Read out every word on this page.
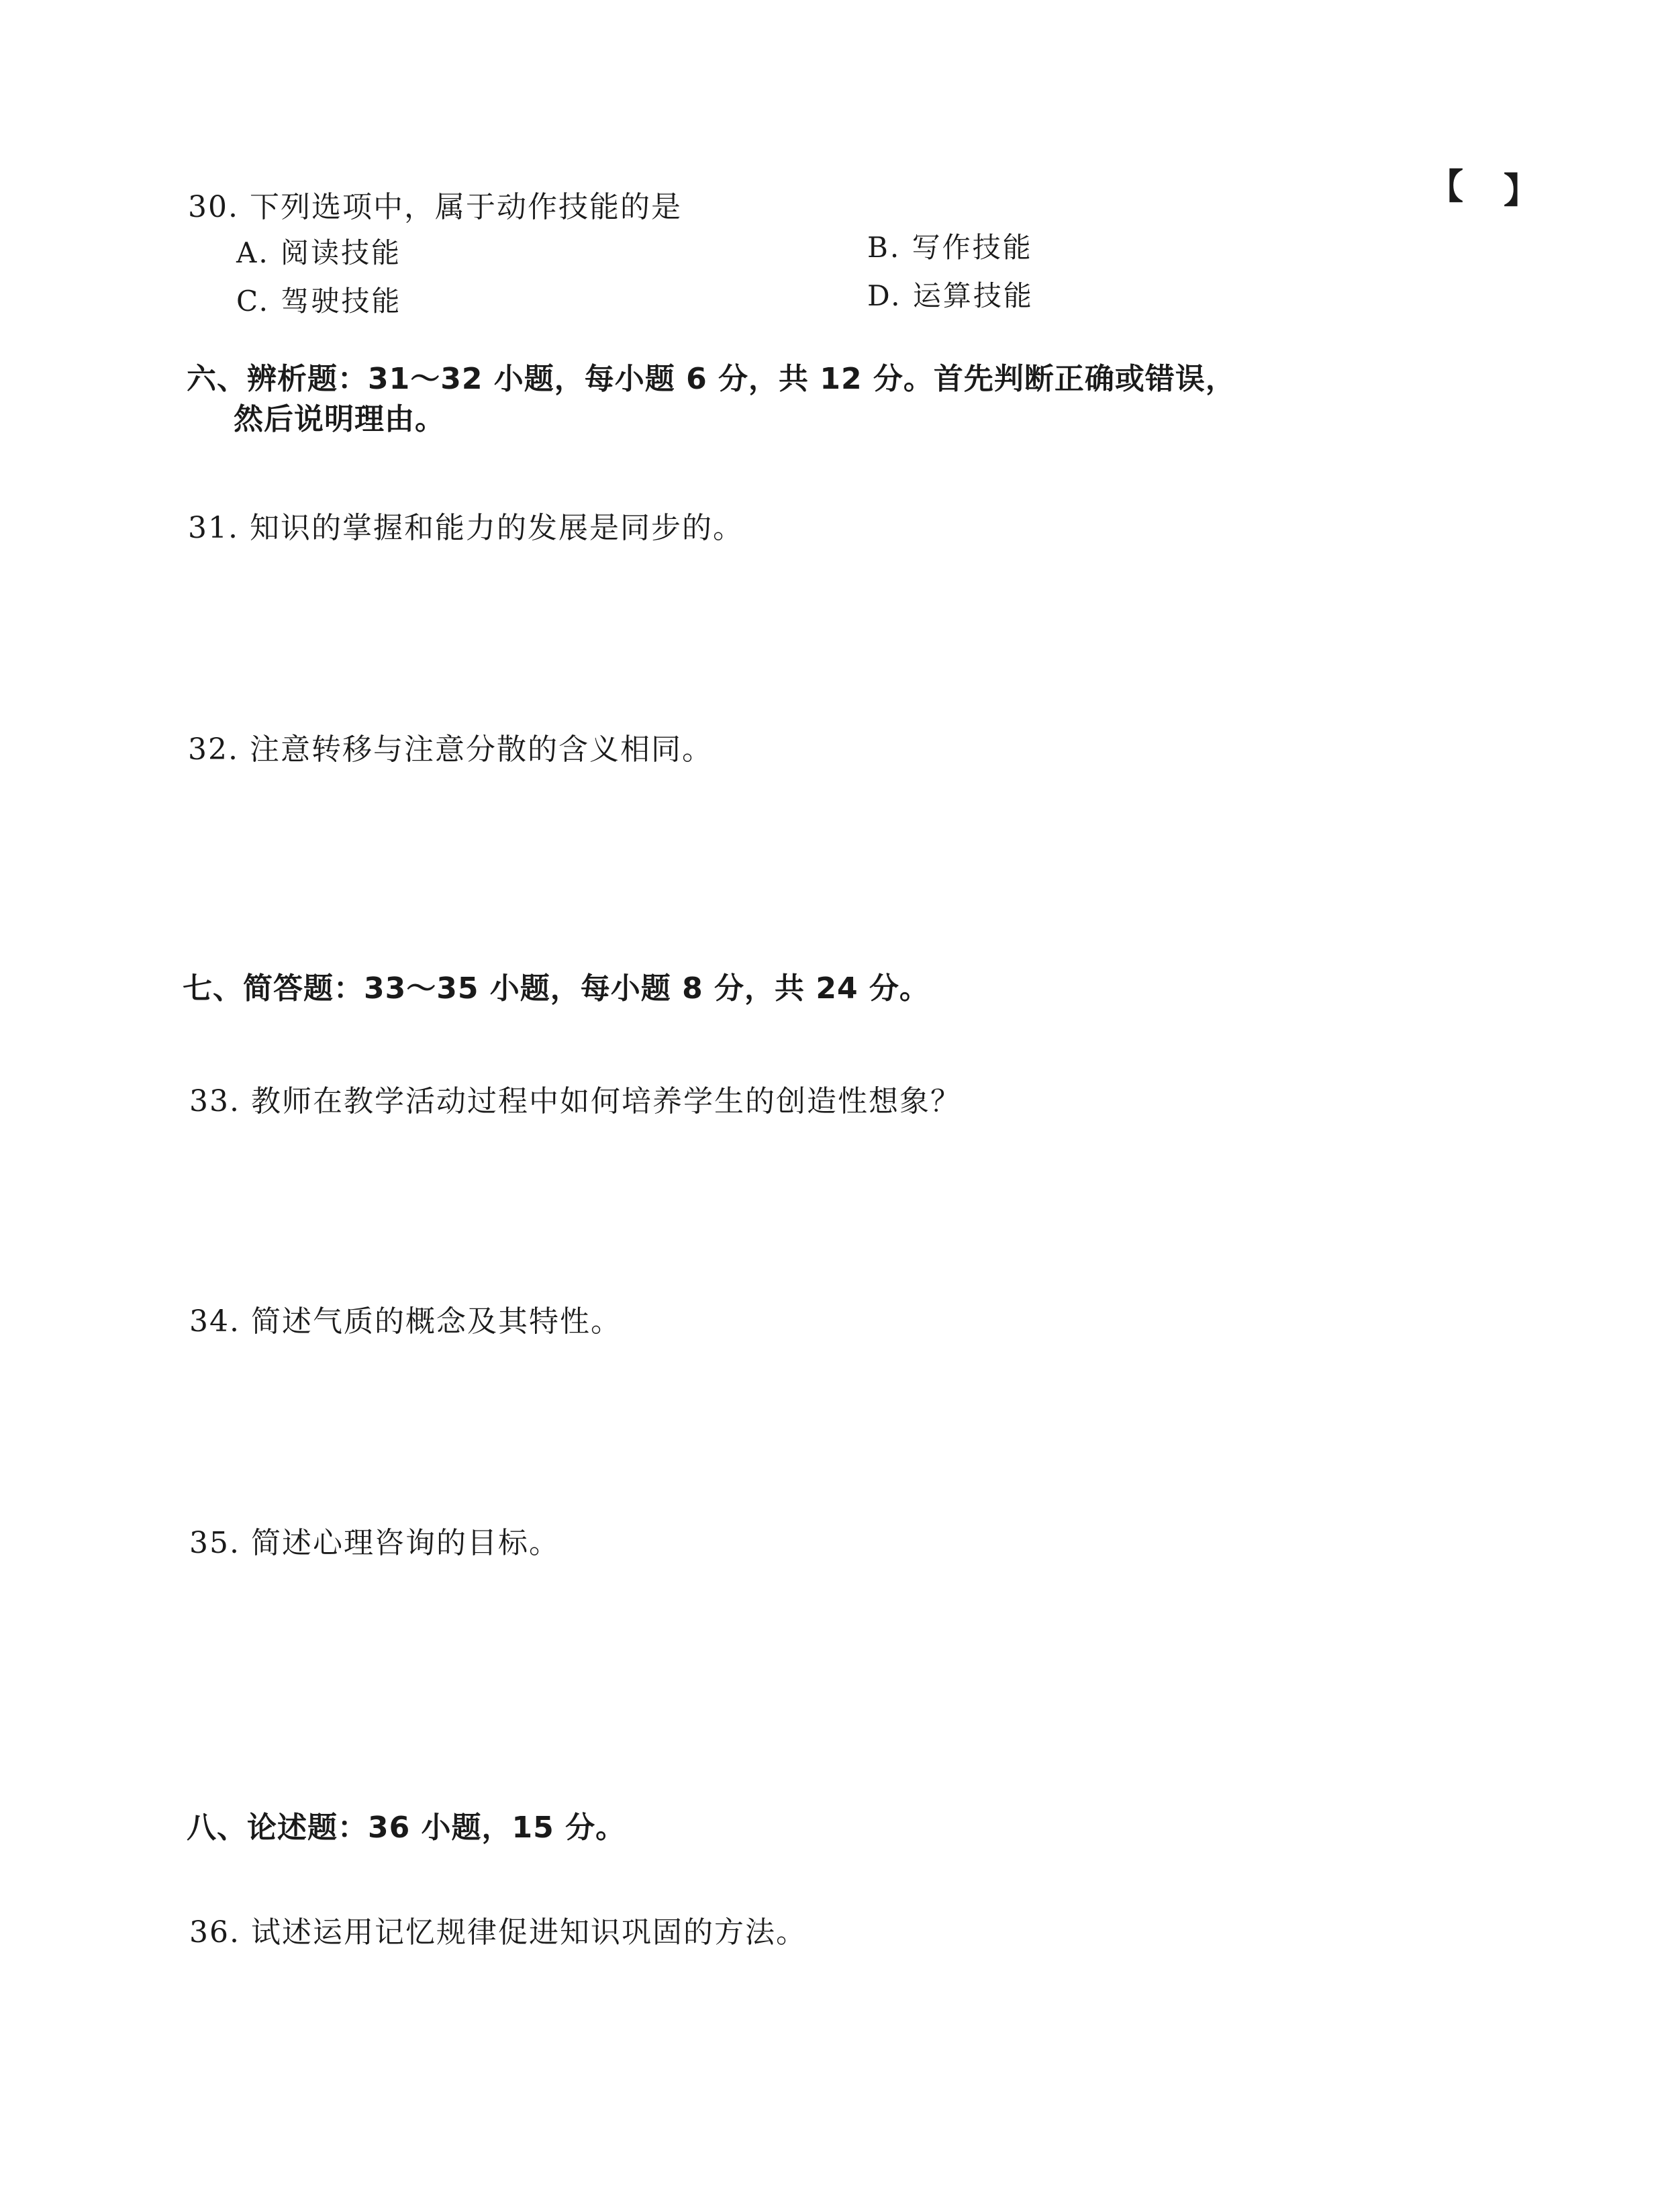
30. 下列选项中，属于动作技能的是	【 】
A. 阅读技能	B. 写作技能
C. 驾驶技能	D. 运算技能
六、辨析题：31～32 小题，每小题 6 分，共 12 分。首先判断正确或错误，
然后说明理由。
31. 知识的掌握和能力的发展是同步的。
32. 注意转移与注意分散的含义相同。
七、简答题：33～35 小题，每小题 8 分，共 24 分。
33. 教师在教学活动过程中如何培养学生的创造性想象？
34. 简述气质的概念及其特性。
35. 简述心理咨询的目标。
八、论述题：36 小题，15 分。
36. 试述运用记忆规律促进知识巩固的方法。
